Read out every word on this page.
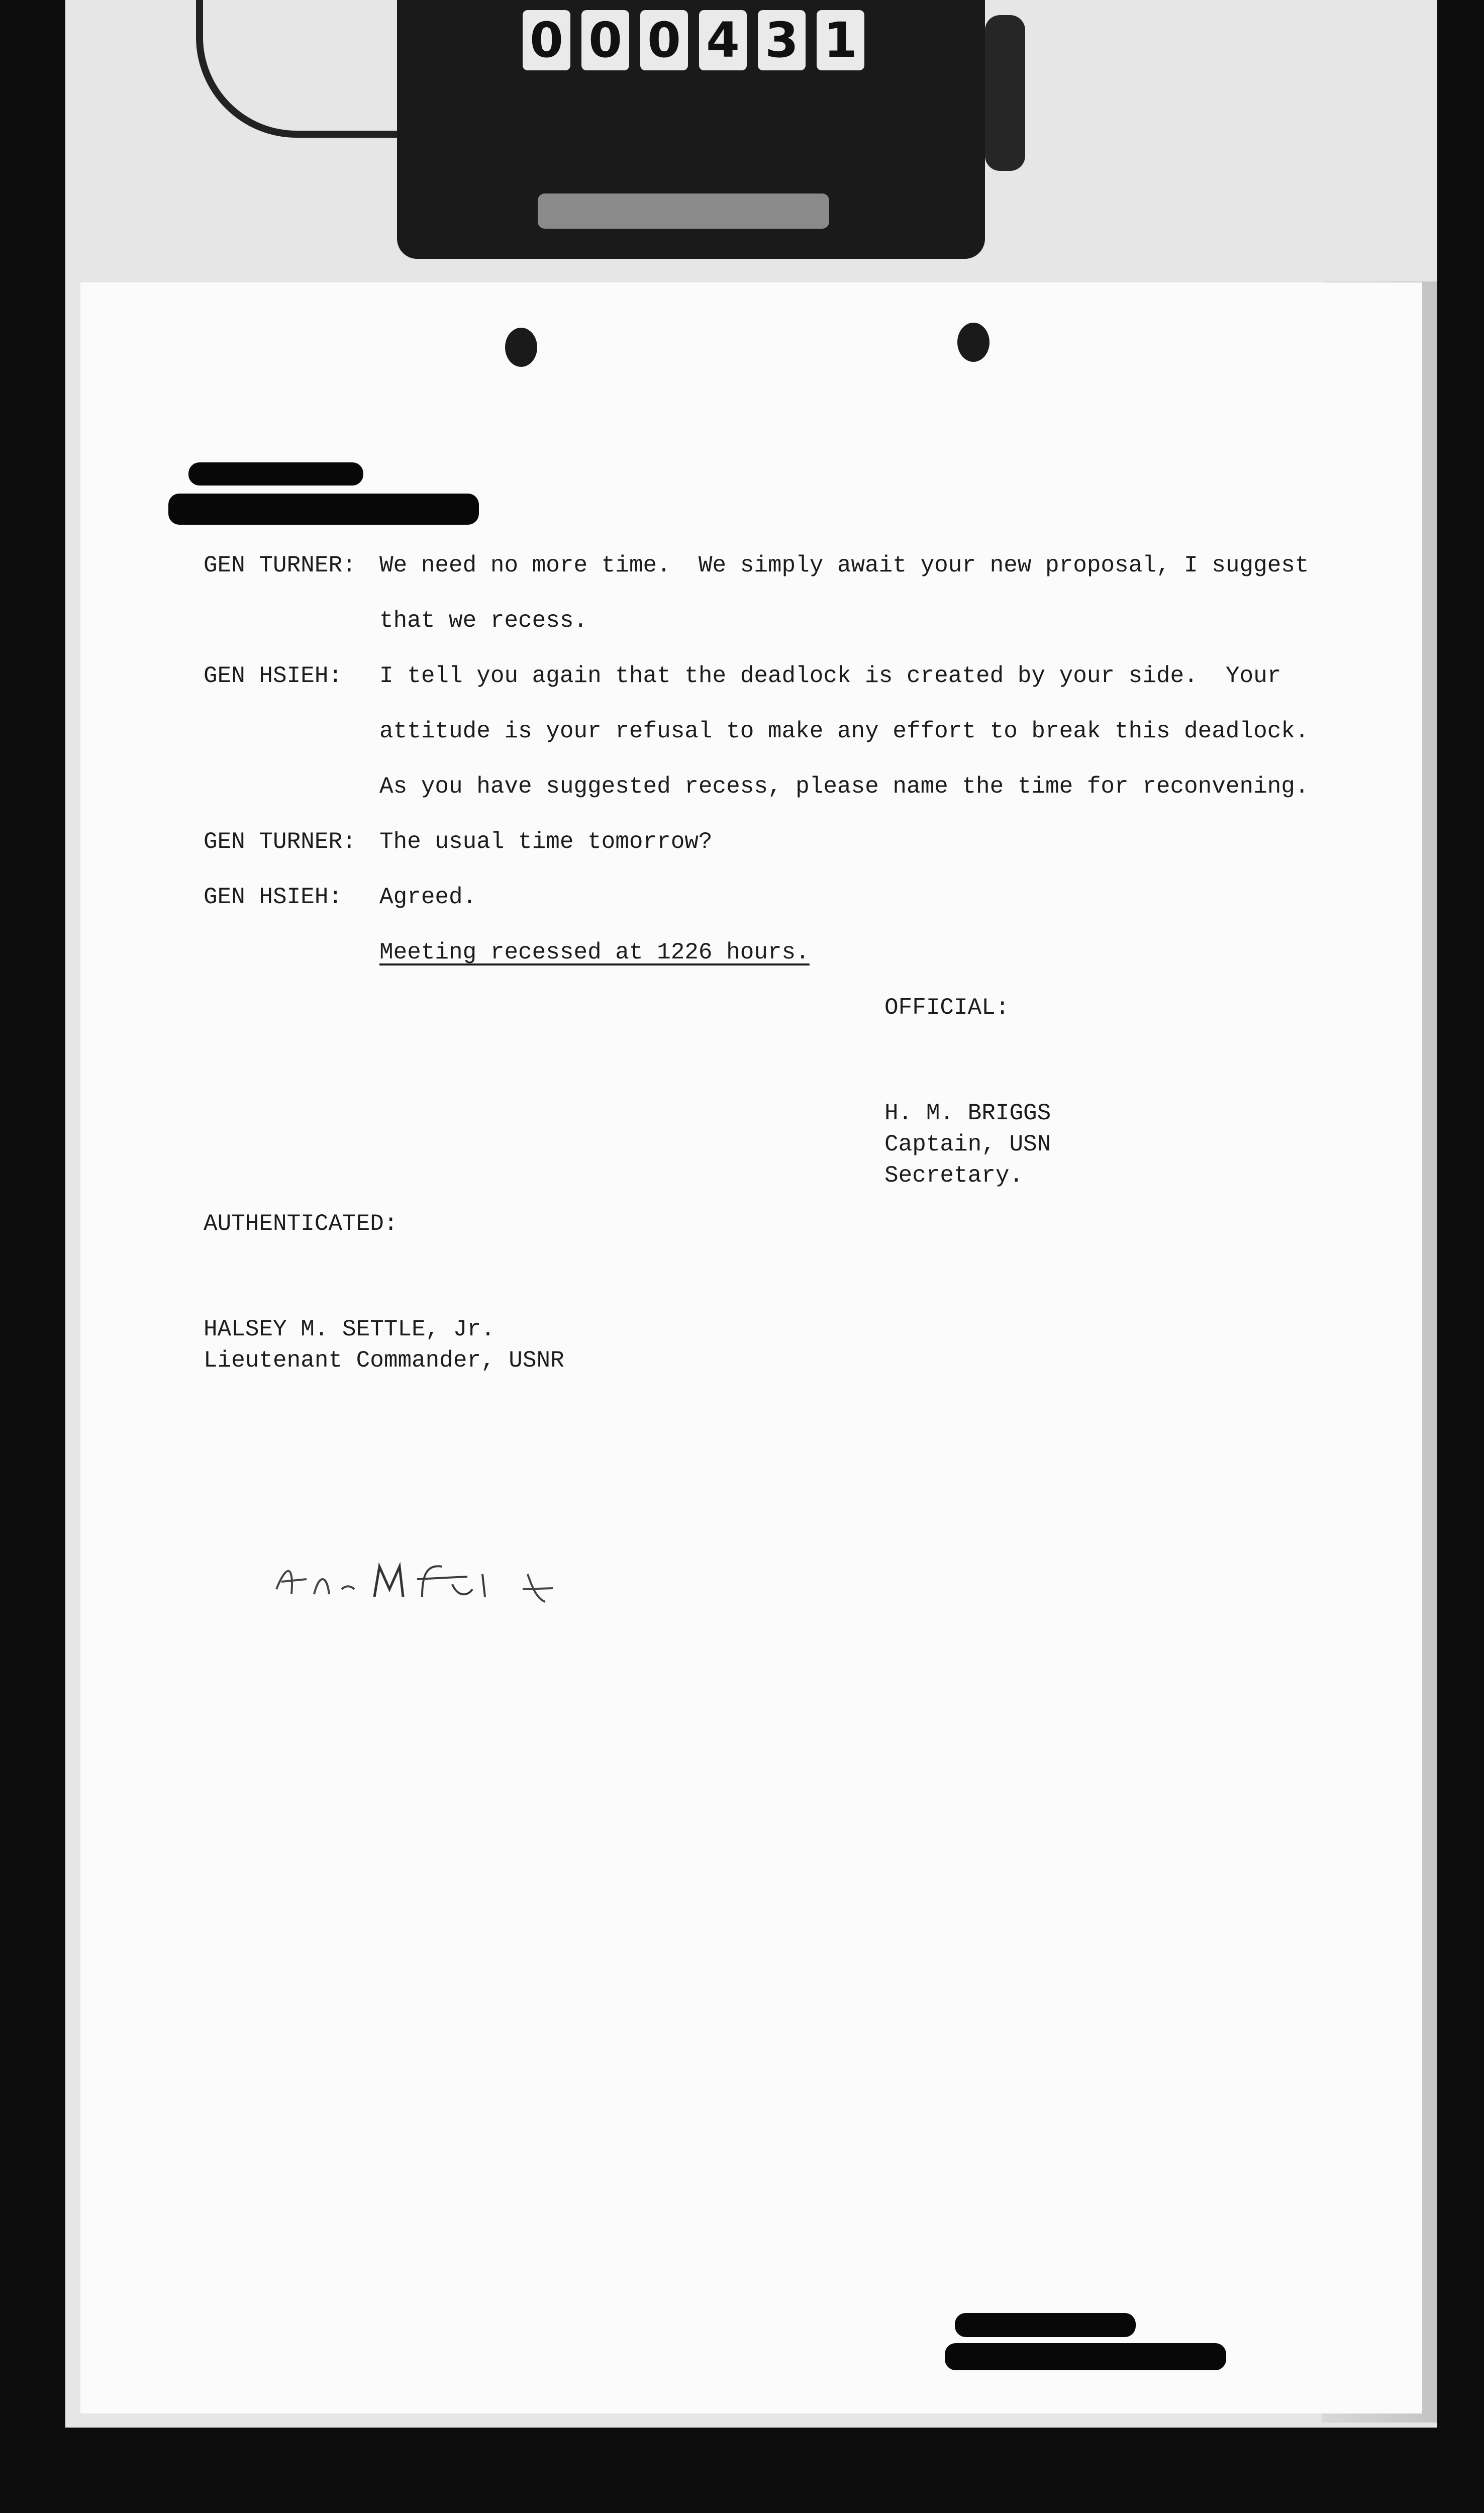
0 0 0 4 3 1
GEN TURNER: We need no more time.  We simply await your new proposal, I suggest
that we recess.
GEN HSIEH: I tell you again that the deadlock is created by your side.  Your
attitude is your refusal to make any effort to break this deadlock.
As you have suggested recess, please name the time for reconvening.
GEN TURNER: The usual time tomorrow?
GEN HSIEH: Agreed.
Meeting recessed at 1226 hours.
OFFICIAL:
H. M. BRIGGS
Captain, USN
Secretary.
AUTHENTICATED:
HALSEY M. SETTLE, Jr.
Lieutenant Commander, USNR
